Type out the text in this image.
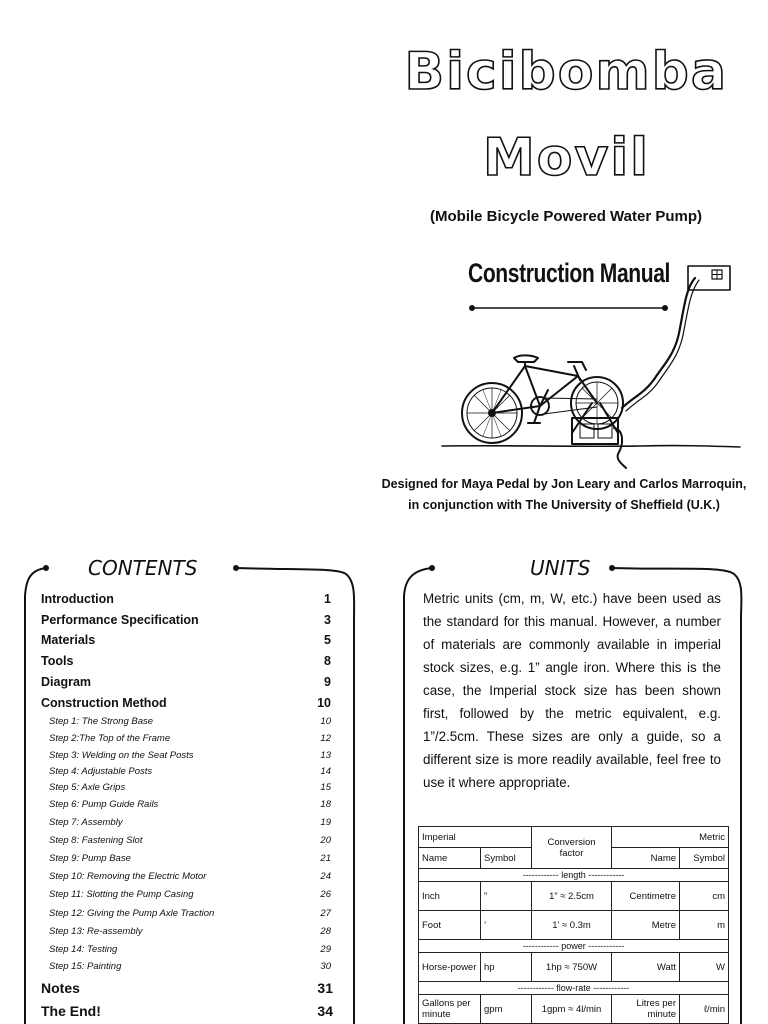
Bicibomba
Movil
(Mobile Bicycle Powered Water Pump)
Construction Manual
Designed for Maya Pedal by Jon Leary and Carlos Marroquin,
in conjunction with The University of Sheffield (U.K.)
CONTENTS	UNITS
Introduction	1
Performance Specification	3
Materials	5
Tools	8
Diagram	9
Construction Method	10
Step 1: The Strong Base	10
Step 2:The Top of the Frame	12
Step 3: Welding on the Seat Posts	13
Step 4: Adjustable Posts	14
Step 5: Axle Grips	15
Step 6: Pump Guide Rails	18
Step 7: Assembly	19
Step 8: Fastening Slot	20
Step 9: Pump Base	21
Step 10: Removing the Electric Motor	24
Step 11: Slotting the Pump Casing	26
Step 12: Giving the Pump Axle Traction	27
Step 13: Re-assembly	28
Step 14: Testing	29
Step 15: Painting	30
Notes	31
The End!	34
Metric units (cm, m, W, etc.) have been used as the standard for this manual. However, a number of materials are commonly available in imperial stock sizes, e.g. 1” angle iron. Where this is the case, the Imperial stock size has been shown first, followed by the metric equivalent, e.g. 1”/2.5cm. These sizes are only a guide, so a different size is more readily available, feel free to use it where appropriate.
Imperial		Conversion factor	Metric	
Name	Symbol		Name	Symbol
------------ length ------------				
Inch	”	1” ≈ 2.5cm	Centimetre	cm
Foot	’	1’ ≈ 0.3m	Metre	m
------------ power ------------				
Horse-power	hp	1hp ≈ 750W	Watt	W
------------ flow-rate ------------				
Gallons per minute	gpm	1gpm ≈ 4l/min	Litres per minute	ℓ/min
